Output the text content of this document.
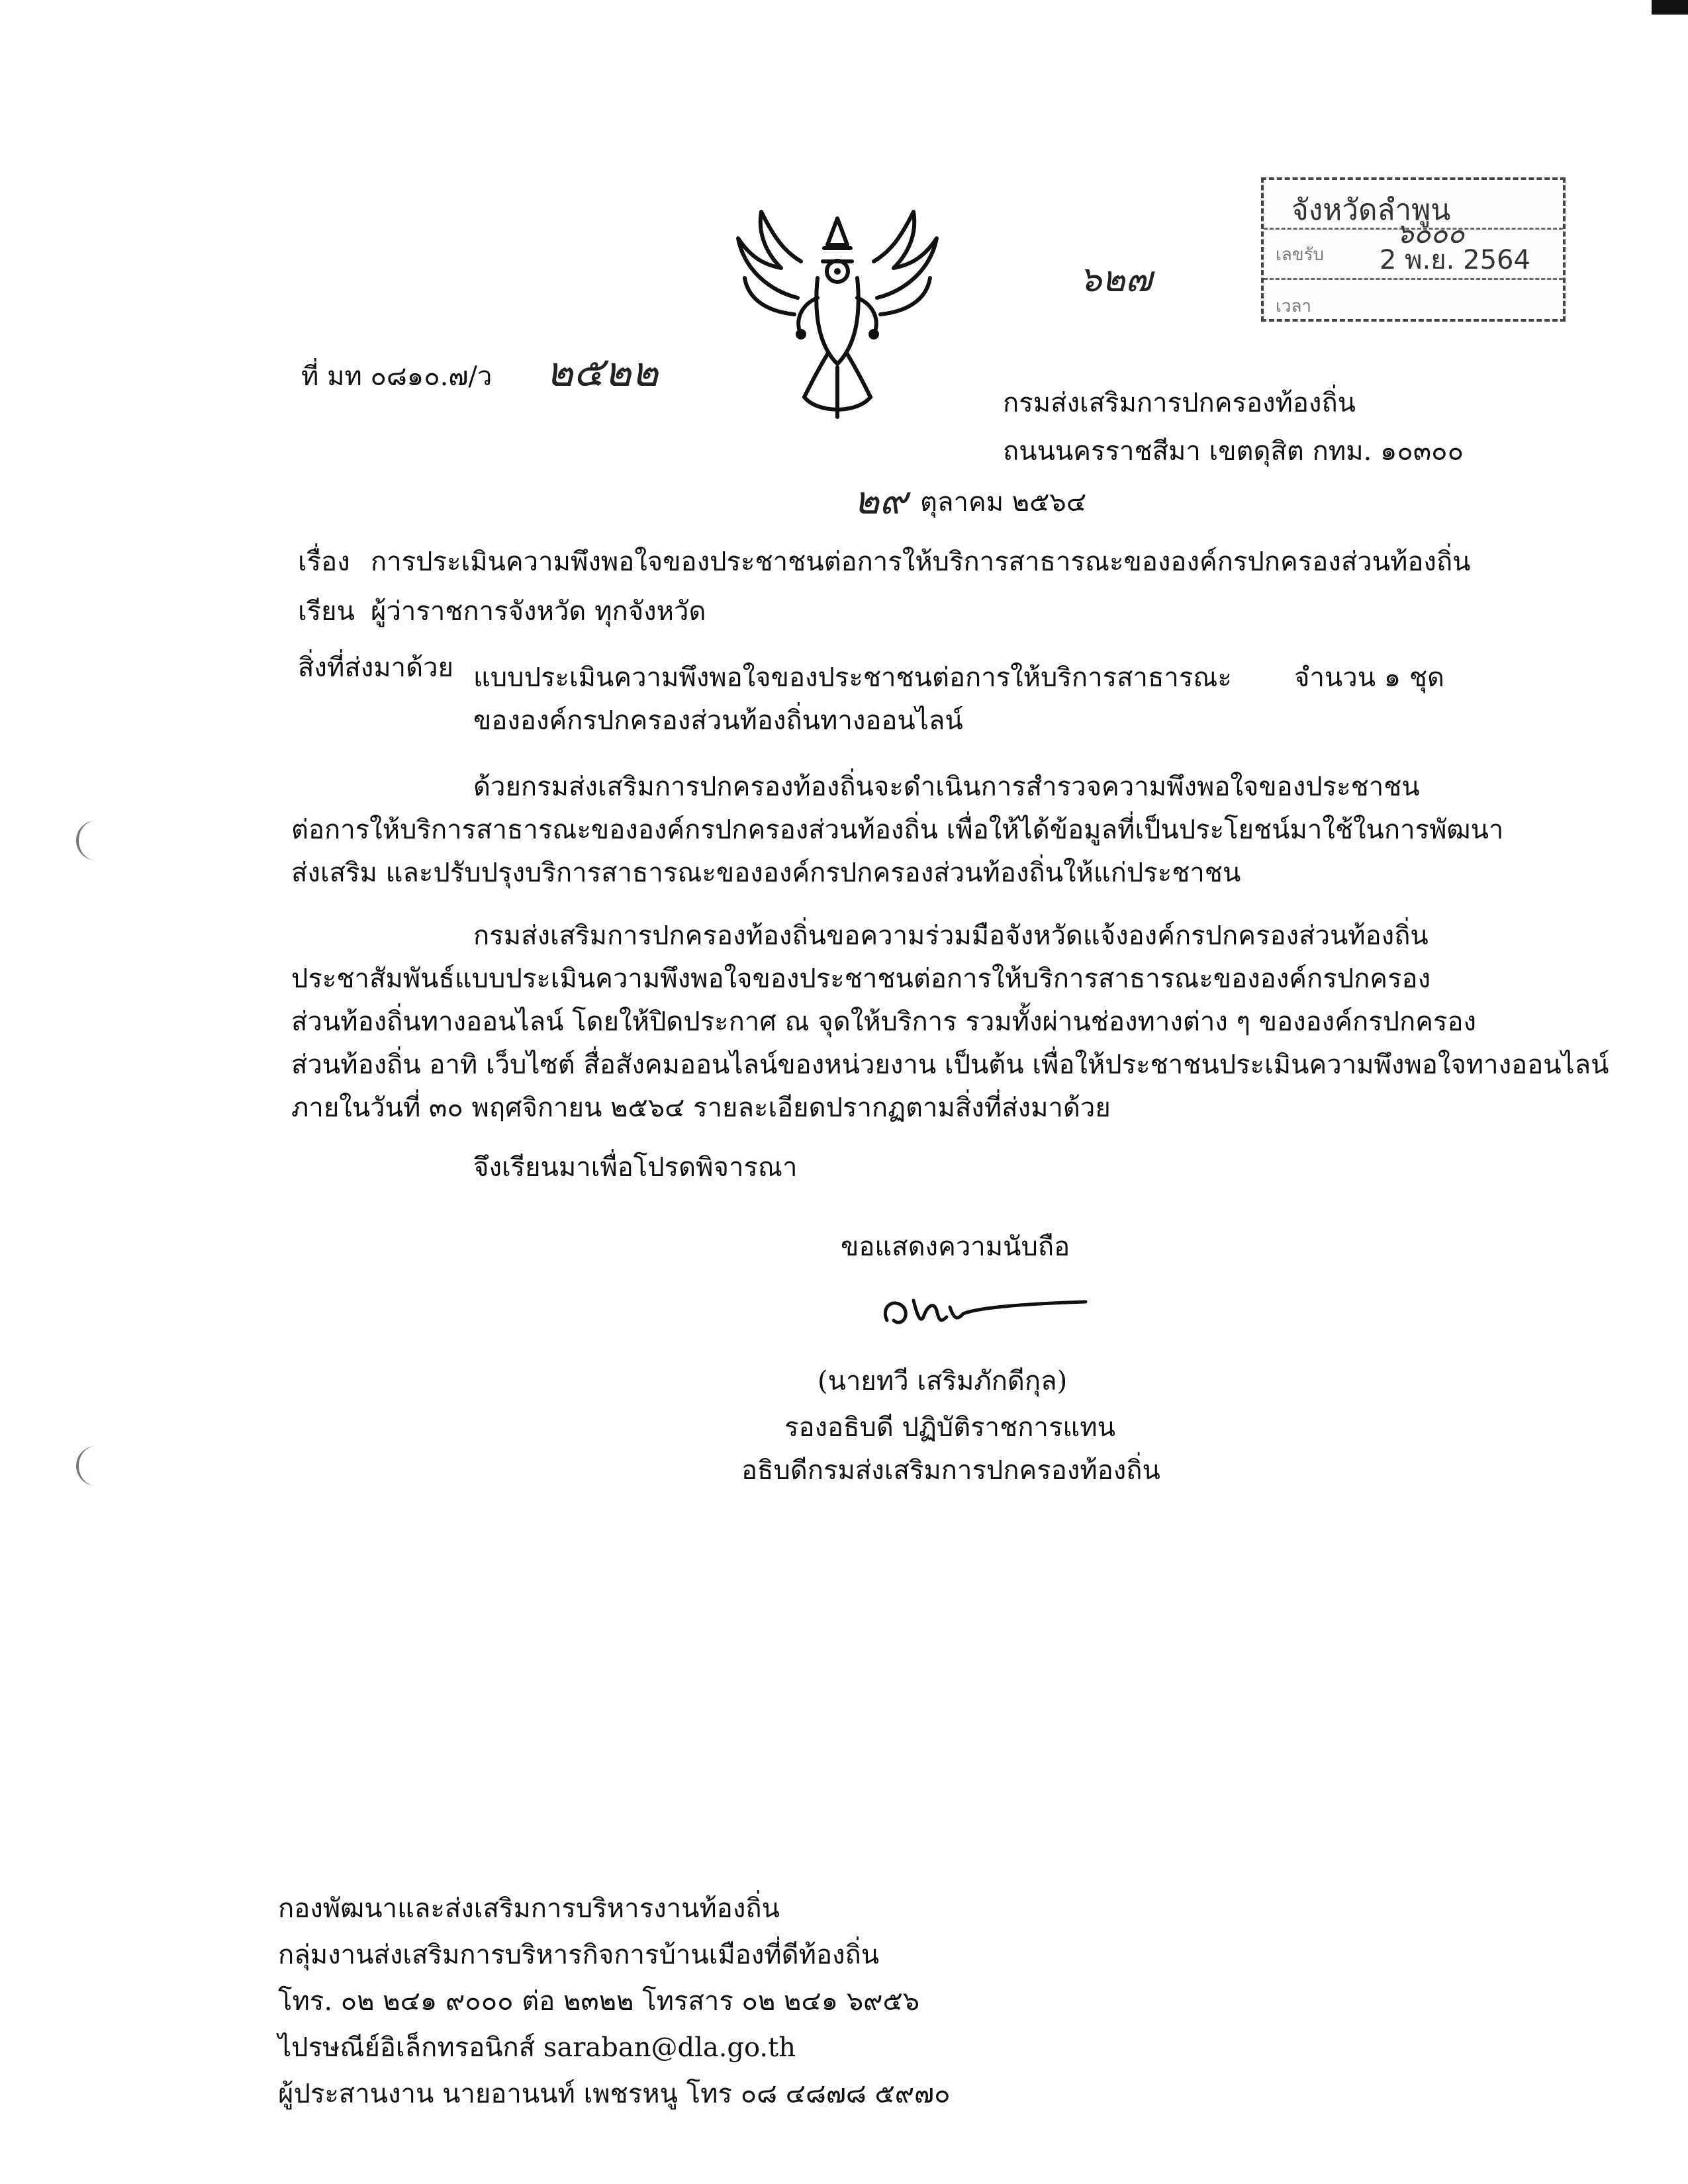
จังหวัดลำพูน
๖๐๐๐
เลขรับ 2 พ.ย. 2564
เวลา
๖๒๗
ที่ มท ๐๘๑๐.๗/ว ๒๕๒๒
กรมส่งเสริมการปกครองท้องถิ่น
ถนนนครราชสีมา เขตดุสิต กทม. ๑๐๓๐๐
๒๙ ตุลาคม ๒๕๖๔
เรื่อง การประเมินความพึงพอใจของประชาชนต่อการให้บริการสาธารณะขององค์กรปกครองส่วนท้องถิ่น
เรียน ผู้ว่าราชการจังหวัด ทุกจังหวัด
สิ่งที่ส่งมาด้วย แบบประเมินความพึงพอใจของประชาชนต่อการให้บริการสาธารณะ จำนวน ๑ ชุด
ขององค์กรปกครองส่วนท้องถิ่นทางออนไลน์
ด้วยกรมส่งเสริมการปกครองท้องถิ่นจะดำเนินการสำรวจความพึงพอใจของประชาชน
ต่อการให้บริการสาธารณะขององค์กรปกครองส่วนท้องถิ่น เพื่อให้ได้ข้อมูลที่เป็นประโยชน์มาใช้ในการพัฒนา
ส่งเสริม และปรับปรุงบริการสาธารณะขององค์กรปกครองส่วนท้องถิ่นให้แก่ประชาชน
กรมส่งเสริมการปกครองท้องถิ่นขอความร่วมมือจังหวัดแจ้งองค์กรปกครองส่วนท้องถิ่น
ประชาสัมพันธ์แบบประเมินความพึงพอใจของประชาชนต่อการให้บริการสาธารณะขององค์กรปกครอง
ส่วนท้องถิ่นทางออนไลน์ โดยให้ปิดประกาศ ณ จุดให้บริการ รวมทั้งผ่านช่องทางต่าง ๆ ขององค์กรปกครอง
ส่วนท้องถิ่น อาทิ เว็บไซต์ สื่อสังคมออนไลน์ของหน่วยงาน เป็นต้น เพื่อให้ประชาชนประเมินความพึงพอใจทางออนไลน์
ภายในวันที่ ๓๐ พฤศจิกายน ๒๕๖๔ รายละเอียดปรากฏตามสิ่งที่ส่งมาด้วย
จึงเรียนมาเพื่อโปรดพิจารณา
ขอแสดงความนับถือ
(นายทวี เสริมภักดีกุล)
รองอธิบดี ปฏิบัติราชการแทน
อธิบดีกรมส่งเสริมการปกครองท้องถิ่น
กองพัฒนาและส่งเสริมการบริหารงานท้องถิ่น
กลุ่มงานส่งเสริมการบริหารกิจการบ้านเมืองที่ดีท้องถิ่น
โทร. ๐๒ ๒๔๑ ๙๐๐๐ ต่อ ๒๓๒๒ โทรสาร ๐๒ ๒๔๑ ๖๙๕๖
ไปรษณีย์อิเล็กทรอนิกส์ saraban@dla.go.th
ผู้ประสานงาน นายอานนท์ เพชรหนู โทร ๐๘ ๔๘๗๘ ๕๙๗๐
